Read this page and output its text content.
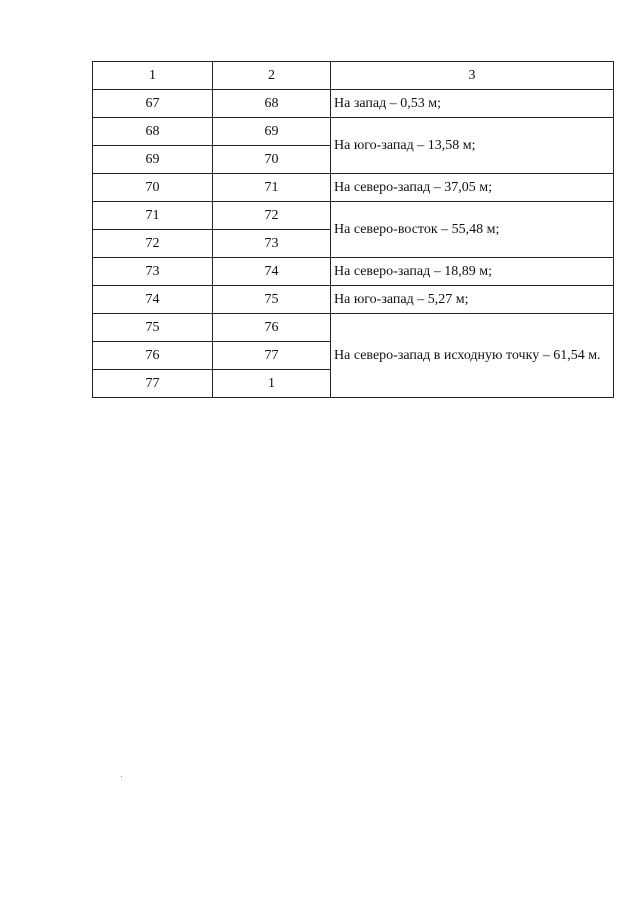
1	2	3
67	68	На запад – 0,53 м;
68	69	На юго-запад – 13,58 м;
69	70	
70	71	На северо-запад – 37,05 м;
71	72	На северо-восток – 55,48 м;
72	73	
73	74	На северо-запад – 18,89 м;
74	75	На юго-запад – 5,27 м;
75	76	На северо-запад в исходную точку – 61,54 м.
76	77	
77	1	
